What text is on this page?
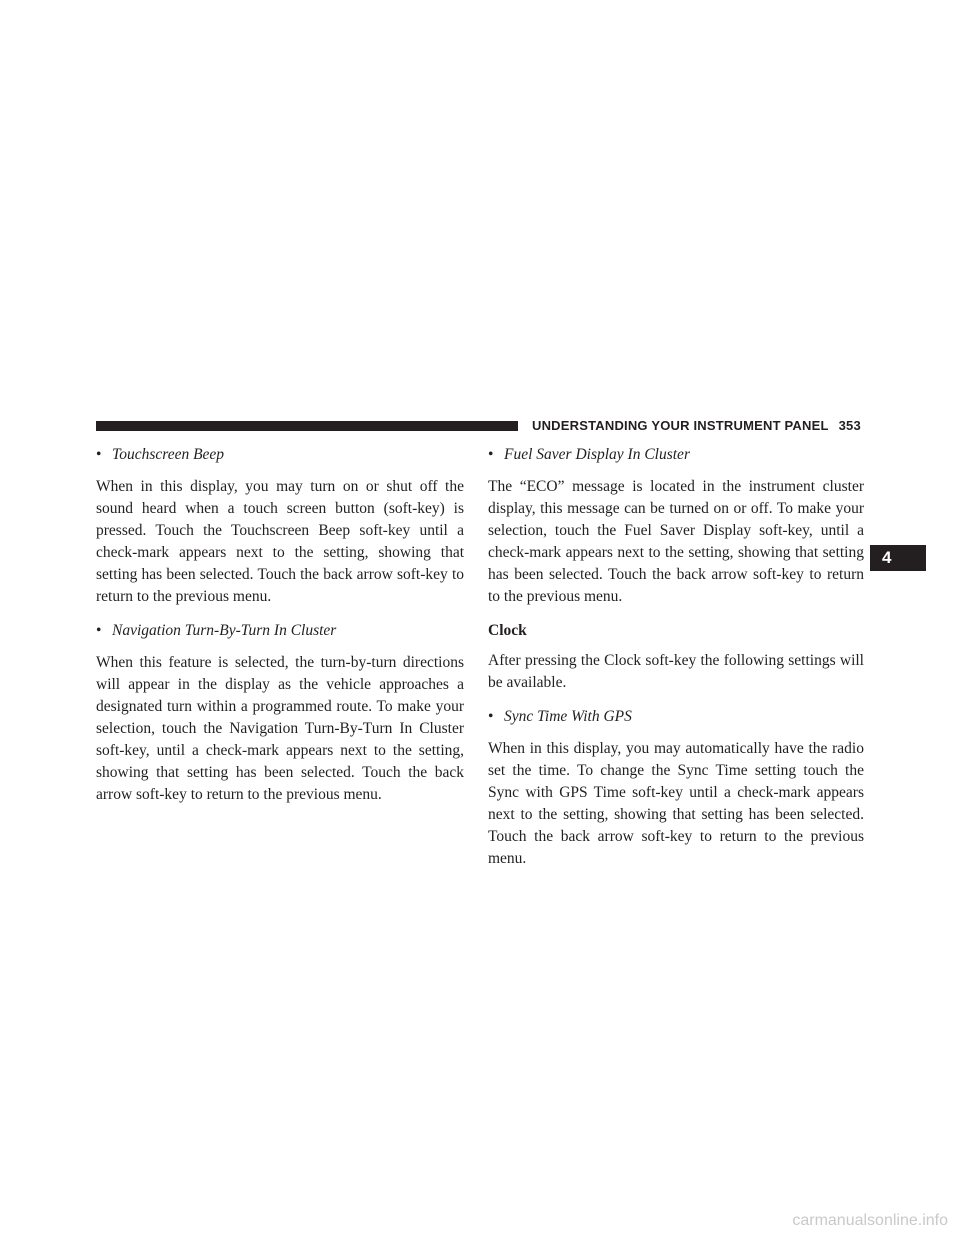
UNDERSTANDING YOUR INSTRUMENT PANEL 353
4

• Touchscreen Beep

When in this display, you may turn on or shut off the sound heard when a touch screen button (soft-key) is pressed. Touch the Touchscreen Beep soft-key until a check-mark appears next to the setting, showing that setting has been selected. Touch the back arrow soft-key to return to the previous menu.

• Navigation Turn-By-Turn In Cluster

When this feature is selected, the turn-by-turn directions will appear in the display as the vehicle approaches a designated turn within a programmed route. To make your selection, touch the Navigation Turn-By-Turn In Cluster soft-key, until a check-mark appears next to the setting, showing that setting has been selected. Touch the back arrow soft-key to return to the previous menu.

• Fuel Saver Display In Cluster

The “ECO” message is located in the instrument cluster display, this message can be turned on or off. To make your selection, touch the Fuel Saver Display soft-key, until a check-mark appears next to the setting, showing that setting has been selected. Touch the back arrow soft-key to return to the previous menu.

Clock

After pressing the Clock soft-key the following settings will be available.

• Sync Time With GPS

When in this display, you may automatically have the radio set the time. To change the Sync Time setting touch the Sync with GPS Time soft-key until a check-mark appears next to the setting, showing that setting has been selected. Touch the back arrow soft-key to return to the previous menu.

carmanualsonline.info
